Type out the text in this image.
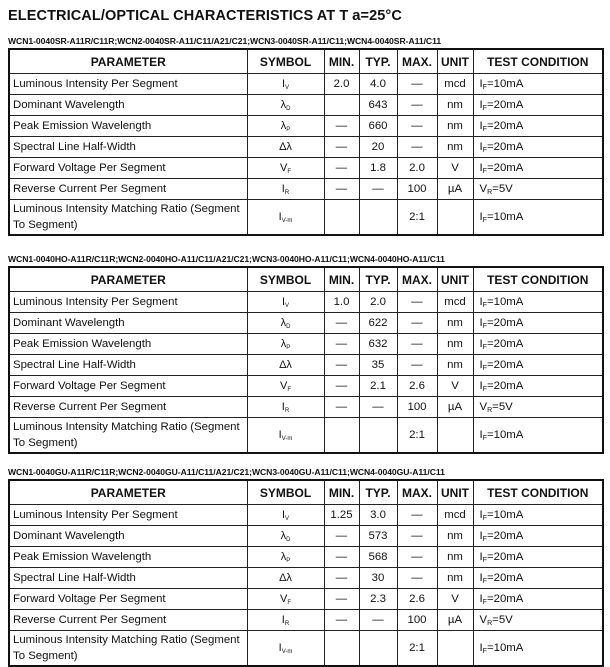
ELECTRICAL/OPTICAL CHARACTERISTICS AT T a=25°C
WCN1-0040SR-A11R/C11R;WCN2-0040SR-A11/C11/A21/C21;WCN3-0040SR-A11/C11;WCN4-0040SR-A11/C11
PARAMETER	SYMBOL	MIN.	TYP.	MAX.	UNIT	TEST CONDITION
Luminous Intensity Per Segment	IV	2.0	4.0	—	mcd	IF=10mA
Dominant Wavelength	λD		643	—	nm	IF=20mA
Peak Emission Wavelength	λP	—	660	—	nm	IF=20mA
Spectral Line Half-Width	Δλ	—	20	—	nm	IF=20mA
Forward Voltage Per Segment	VF	—	1.8	2.0	V	IF=20mA
Reverse Current Per Segment	IR	—	—	100	µA	VR=5V
Luminous Intensity Matching Ratio (Segment To Segment)	IV-m			2:1		IF=10mA
WCN1-0040HO-A11R/C11R;WCN2-0040HO-A11/C11/A21/C21;WCN3-0040HO-A11/C11;WCN4-0040HO-A11/C11
PARAMETER	SYMBOL	MIN.	TYP.	MAX.	UNIT	TEST CONDITION
Luminous Intensity Per Segment	IV	1.0	2.0	—	mcd	IF=10mA
Dominant Wavelength	λD	—	622	—	nm	IF=20mA
Peak Emission Wavelength	λP	—	632	—	nm	IF=20mA
Spectral Line Half-Width	Δλ	—	35	—	nm	IF=20mA
Forward Voltage Per Segment	VF	—	2.1	2.6	V	IF=20mA
Reverse Current Per Segment	IR	—	—	100	µA	VR=5V
Luminous Intensity Matching Ratio (Segment To Segment)	IV-m			2:1		IF=10mA
WCN1-0040GU-A11R/C11R;WCN2-0040GU-A11/C11/A21/C21;WCN3-0040GU-A11/C11;WCN4-0040GU-A11/C11
PARAMETER	SYMBOL	MIN.	TYP.	MAX.	UNIT	TEST CONDITION
Luminous Intensity Per Segment	IV	1.25	3.0	—	mcd	IF=10mA
Dominant Wavelength	λD	—	573	—	nm	IF=20mA
Peak Emission Wavelength	λP	—	568	—	nm	IF=20mA
Spectral Line Half-Width	Δλ	—	30	—	nm	IF=20mA
Forward Voltage Per Segment	VF	—	2.3	2.6	V	IF=20mA
Reverse Current Per Segment	IR	—	—	100	µA	VR=5V
Luminous Intensity Matching Ratio (Segment To Segment)	IV-m			2:1		IF=10mA
